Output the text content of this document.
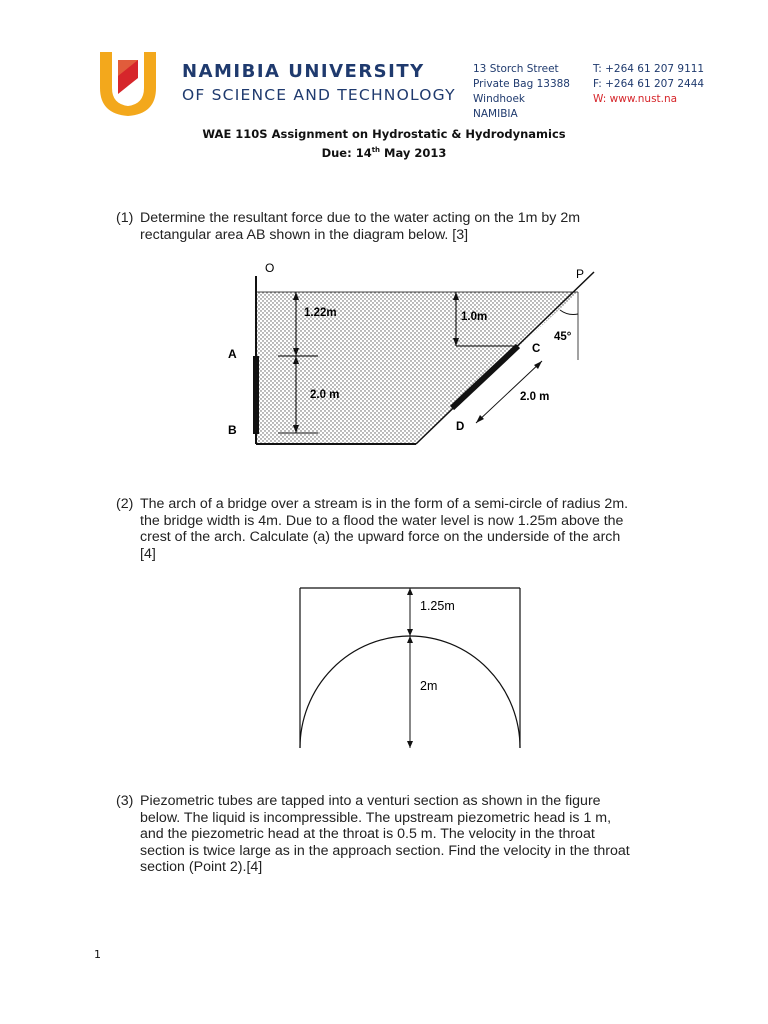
NAMIBIA UNIVERSITY
OF SCIENCE AND TECHNOLOGY
13 Storch Street
Private Bag 13388
Windhoek
NAMIBIA
T: +264 61 207 9111
F: +264 61 207 2444
W: www.nust.na
WAE 110S Assignment on Hydrostatic & Hydrodynamics
Due: 14th May 2013
(1) Determine the resultant force due to the water acting on the 1m by 2m
rectangular area AB shown in the diagram below. [3]
O	P
A
B
C
D
1.22m	1.0m
2.0 m	2.0 m
45°
(2) The arch of a bridge over a stream is in the form of a semi-circle of radius 2m.
the bridge width is 4m. Due to a flood the water level is now 1.25m above the
crest of the arch. Calculate (a) the upward force on the underside of the arch
[4]
1.25m
2m
(3) Piezometric tubes are tapped into a venturi section as shown in the figure
below. The liquid is incompressible. The upstream piezometric head is 1 m,
and the piezometric head at the throat is 0.5 m. The velocity in the throat
section is twice large as in the approach section. Find the velocity in the throat
section (Point 2).[4]
1
